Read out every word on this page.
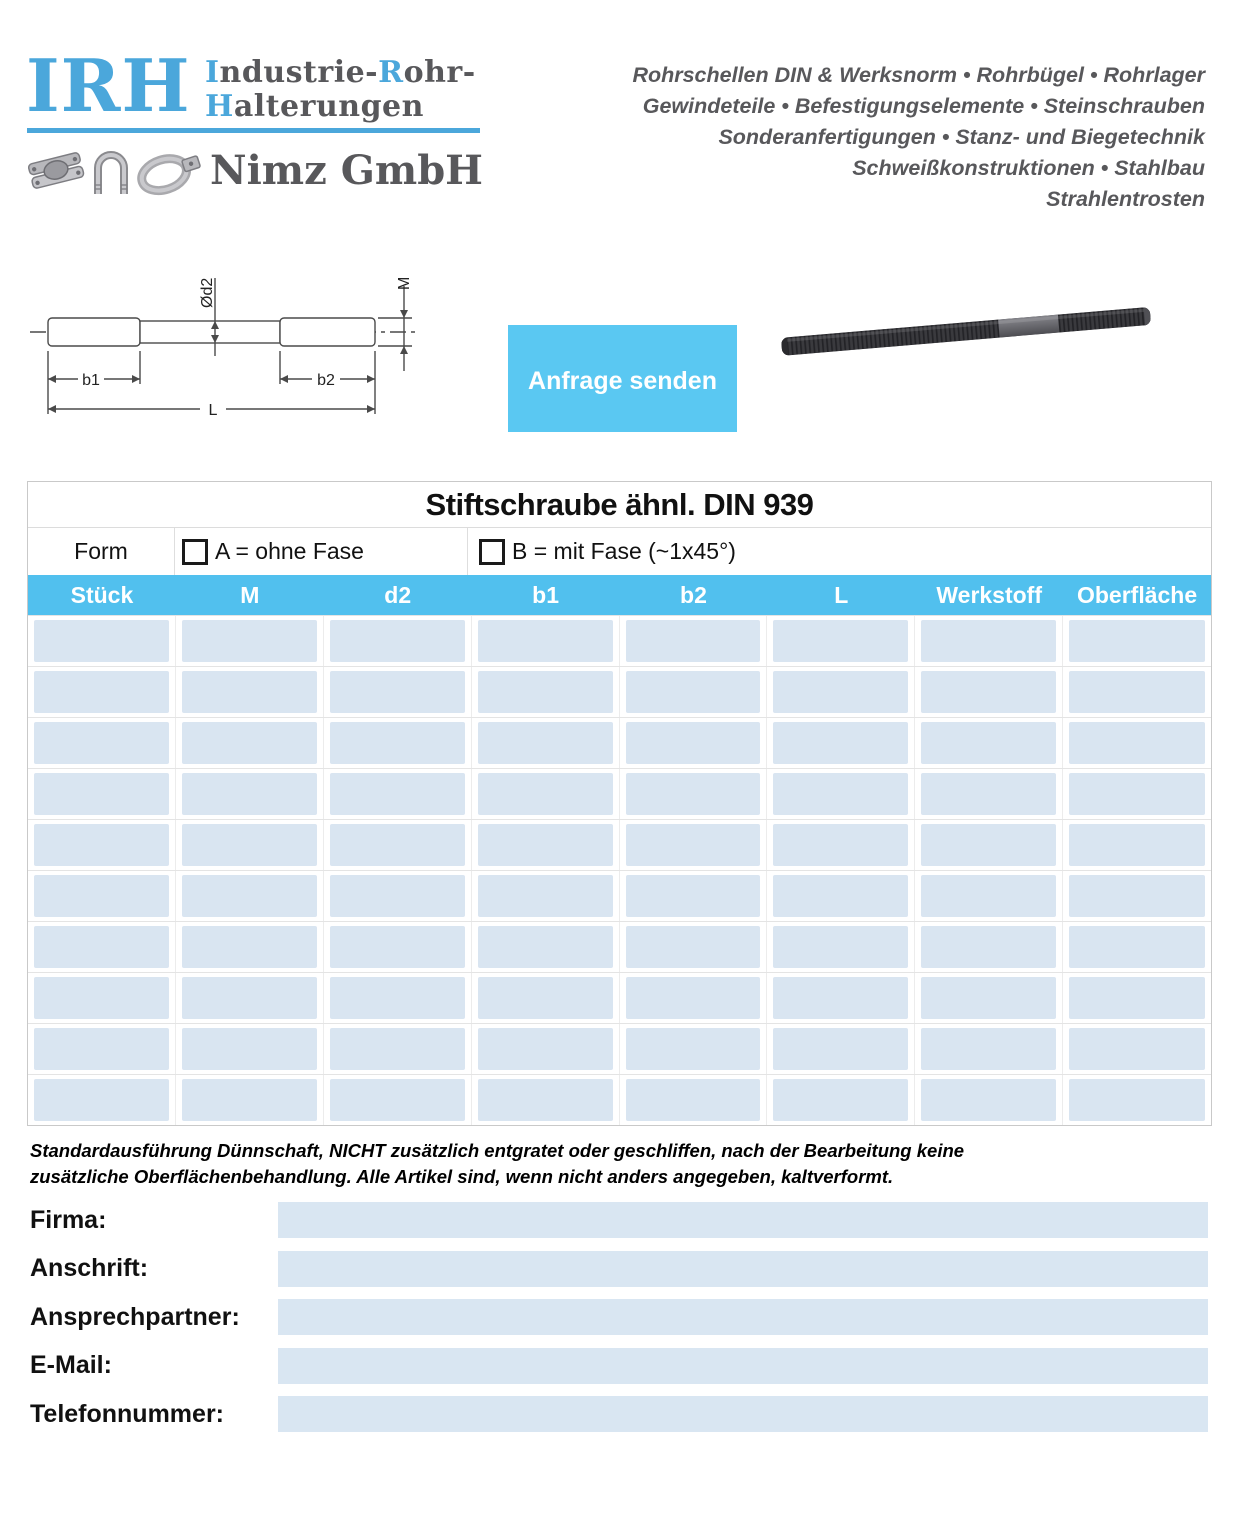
IRH Industrie-Rohr-
Halterungen
Nimz GmbH
Rohrschellen DIN & Werksnorm • Rohrbügel • Rohrlager
Gewindeteile • Befestigungselemente • Steinschrauben
Sonderanfertigungen • Stanz- und Biegetechnik
Schweißkonstruktionen • Stahlbau
Strahlentrosten
b1	b2
L
Ød2	M
Anfrage senden
Stiftschraube ähnl. DIN 939
Form	A = ohne Fase	B = mit Fase (~1x45°)
Stück	M	d2	b1	b2	L	Werkstoff	Oberfläche
Standardausführung Dünnschaft, NICHT zusätzlich entgratet oder geschliffen, nach der Bearbeitung keine zusätzliche Oberflächenbehandlung. Alle Artikel sind, wenn nicht anders angegeben, kaltverformt.
Firma:
Anschrift:
Ansprechpartner:
E-Mail:
Telefonnummer:
